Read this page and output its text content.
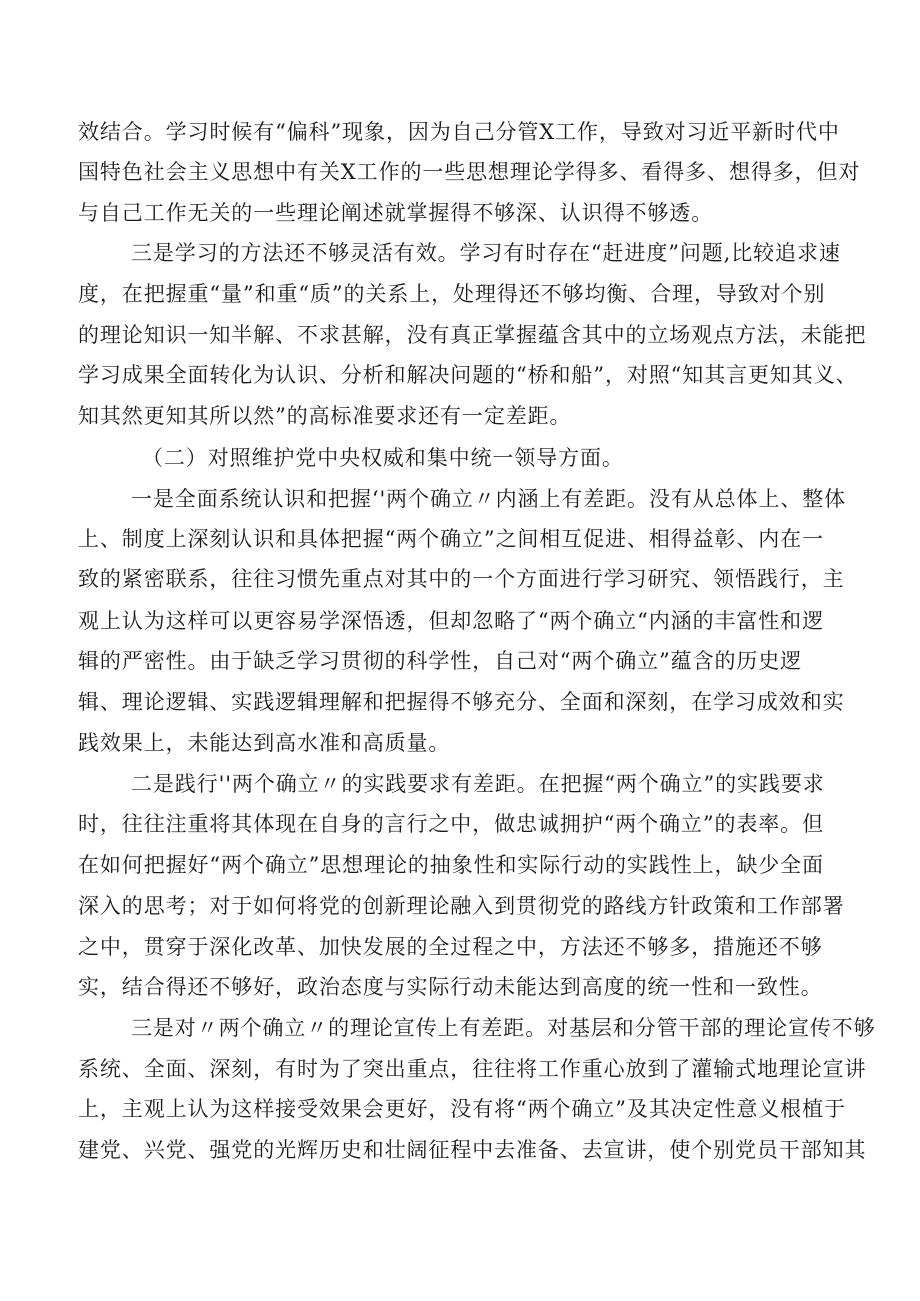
效结合。学习时候有“偏科”现象，因为自己分管X工作，导致对习近平新时代中
国特色社会主义思想中有关X工作的一些思想理论学得多、看得多、想得多，但对
与自己工作无关的一些理论阐述就掌握得不够深、认识得不够透。
三是学习的方法还不够灵活有效。学习有时存在“赶进度”问题,比较追求速
度，在把握重“量”和重“质”的关系上，处理得还不够均衡、合理，导致对个别
的理论知识一知半解、不求甚解，没有真正掌握蕴含其中的立场观点方法，未能把
学习成果全面转化为认识、分析和解决问题的“桥和船”，对照“知其言更知其义、
知其然更知其所以然”的高标准要求还有一定差距。
（二）对照维护党中央权威和集中统一领导方面。
一是全面系统认识和把握‘'两个确立〃内涵上有差距。没有从总体上、整体
上、制度上深刻认识和具体把握“两个确立”之间相互促进、相得益彰、内在一
致的紧密联系，往往习惯先重点对其中的一个方面进行学习研究、领悟践行，主
观上认为这样可以更容易学深悟透，但却忽略了“两个确立“内涵的丰富性和逻
辑的严密性。由于缺乏学习贯彻的科学性，自己对“两个确立”蕴含的历史逻
辑、理论逻辑、实践逻辑理解和把握得不够充分、全面和深刻，在学习成效和实
践效果上，未能达到高水准和高质量。
二是践行''两个确立〃的实践要求有差距。在把握“两个确立”的实践要求
时，往往注重将其体现在自身的言行之中，做忠诚拥护“两个确立”的表率。但
在如何把握好“两个确立”思想理论的抽象性和实际行动的实践性上，缺少全面
深入的思考；对于如何将党的创新理论融入到贯彻党的路线方针政策和工作部署
之中，贯穿于深化改革、加快发展的全过程之中，方法还不够多，措施还不够
实，结合得还不够好，政治态度与实际行动未能达到高度的统一性和一致性。
三是对〃两个确立〃的理论宣传上有差距。对基层和分管干部的理论宣传不够
系统、全面、深刻，有时为了突出重点，往往将工作重心放到了灌输式地理论宣讲
上，主观上认为这样接受效果会更好，没有将“两个确立”及其决定性意义根植于
建党、兴党、强党的光辉历史和壮阔征程中去准备、去宣讲，使个别党员干部知其
